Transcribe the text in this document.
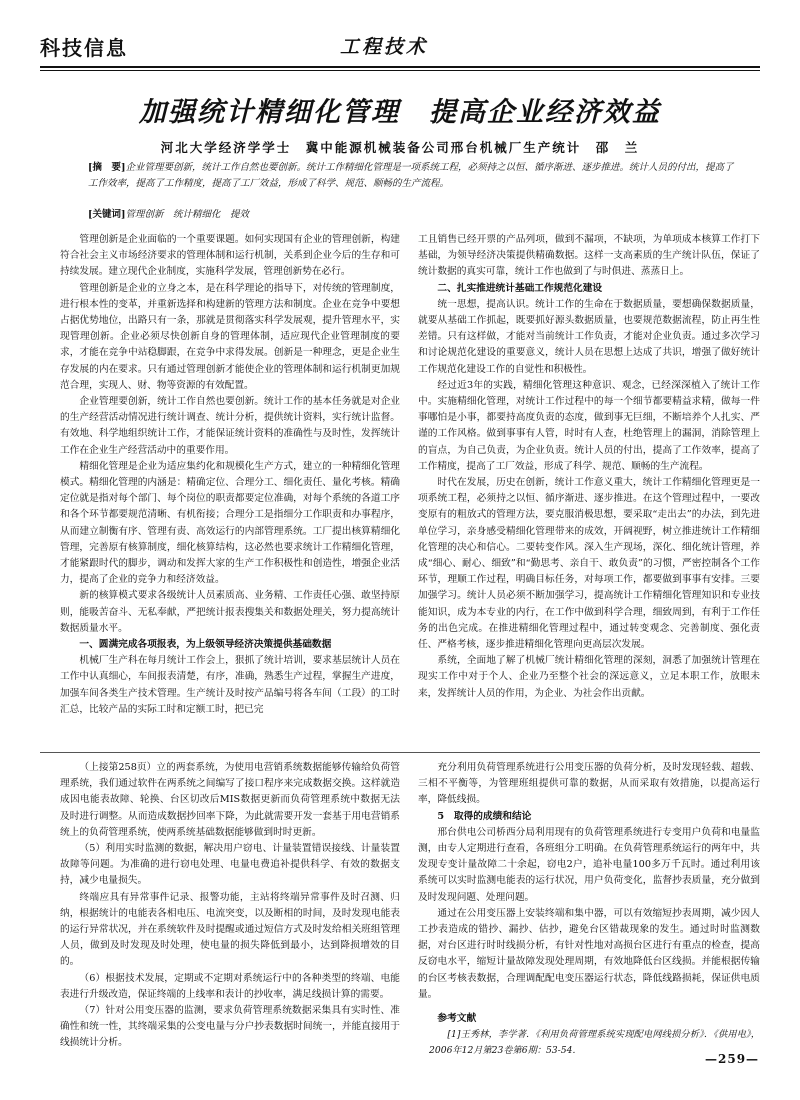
科技信息	工程技术
加强统计精细化管理　提高企业经济效益
河北大学经济学学士　冀中能源机械装备公司邢台机械厂生产统计　邵　兰
[摘　要]企业管理要创新，统计工作自然也要创新。统计工作精细化管理是一项系统工程，必须持之以恒、循序渐进、逐步推进。统计人员的付出，提高了工作效率，提高了工作精度，提高了工厂效益，形成了科学、规范、顺畅的生产流程。
[关键词]管理创新　统计精细化　提效

管理创新是企业面临的一个重要课题。如何实现国有企业的管理创新，构建符合社会主义市场经济要求的管理体制和运行机制，关系到企业今后的生存和可持续发展。建立现代企业制度，实施科学发展，管理创新势在必行。

管理创新是企业的立身之本，是在科学理论的指导下，对传统的管理制度，进行根本性的变革，并重新选择和构建新的管理方法和制度。企业在竞争中要想占据优势地位，出路只有一条，那就是贯彻落实科学发展观，提升管理水平，实现管理创新。企业必须尽快创新自身的管理体制，适应现代企业管理制度的要求，才能在竞争中站稳脚跟，在竞争中求得发展。创新是一种理念，更是企业生存发展的内在要求。只有通过管理创新才能使企业的管理体制和运行机制更加规范合理，实现人、财、物等资源的有效配置。

企业管理要创新，统计工作自然也要创新。统计工作的基本任务就是对企业的生产经营活动情况进行统计调查、统计分析，提供统计资料，实行统计监督。有效地、科学地组织统计工作，才能保证统计资料的准确性与及时性，发挥统计工作在企业生产经营活动中的重要作用。

精细化管理是企业为适应集约化和规模化生产方式，建立的一种精细化管理模式。精细化管理的内涵是：精确定位、合理分工、细化责任、量化考核。精确定位就是指对每个部门、每个岗位的职责都要定位准确，对每个系统的各道工序和各个环节都要规范清晰、有机衔接；合理分工是指细分工作职责和办事程序，从而建立制衡有序、管理有责、高效运行的内部管理系统。工厂提出核算精细化管理，完善原有核算制度，细化核算结构，这必然也要求统计工作精细化管理，才能紧跟时代的脚步，调动和发挥大家的生产工作积极性和创造性，增强企业活力，提高了企业的竞争力和经济效益。

新的核算模式要求各级统计人员素质高、业务精、工作责任心强、敢坚持原则，能吸苦奋斗、无私奉献，严把统计报表搜集关和数据处理关，努力提高统计数据质量水平。

一、圆满完成各项报表，为上级领导经济决策提供基础数据

机械厂生产科在每月统计工作会上，狠抓了统计培训，要求基层统计人员在工作中认真细心，车间报表清楚，有序，准确，熟悉生产过程，掌握生产进度，加强车间各类生产技术管理。生产统计及时按产品编号将各车间（工段）的工时汇总，比较产品的实际工时和定额工时，把已完

工且销售已经开票的产品列项，做到不漏项，不缺项，为单项成本核算工作打下基础，为领导经济决策提供精确数据。这样一支高素质的生产统计队伍，保证了统计数据的真实可靠，统计工作也做到了与时俱进、蒸蒸日上。

二、扎实推进统计基础工作规范化建设

统一思想，提高认识。统计工作的生命在于数据质量，要想确保数据质量，就要从基础工作抓起，既要抓好源头数据质量，也要规范数据流程，防止再生性差错。只有这样做，才能对当前统计工作负责，才能对企业负责。通过多次学习和讨论规范化建设的重要意义，统计人员在思想上达成了共识，增强了做好统计工作规范化建设工作的自觉性和积极性。

经过近3年的实践，精细化管理这种意识、观念，已经深深植入了统计工作中。实施精细化管理，对统计工作过程中的每一个细节都要精益求精，做每一件事哪怕是小事，都要持高度负责的态度，做到事无巨细，不断培养个人扎实、严谨的工作风格。做到事事有人管，时时有人查，杜绝管理上的漏洞，消除管理上的盲点，为自己负责，为企业负责。统计人员的付出，提高了工作效率，提高了工作精度，提高了工厂效益，形成了科学、规范、顺畅的生产流程。

时代在发展，历史在创新，统计工作意义重大，统计工作精细化管理更是一项系统工程，必须持之以恒、循序渐进、逐步推进。在这个管理过程中，一要改变原有的粗放式的管理方法，要克服消极思想，要采取“走出去”的办法，到先进单位学习，亲身感受精细化管理带来的成效，开阔视野，树立推进统计工作精细化管理的决心和信心。二要转变作风。深入生产现场，深化、细化统计管理，养成“细心、耐心、细致”和“勤思考、亲自干、敢负责”的习惯，严密控制各个工作环节，理顺工作过程，明确目标任务，对每项工作，都要做到事事有安排。三要加强学习。统计人员必须不断加强学习，提高统计工作精细化管理知识和专业技能知识，成为本专业的内行，在工作中做到科学合理，细致周到，有利于工作任务的出色完成。在推进精细化管理过程中，通过转变观念、完善制度、强化责任、严格考核，逐步推进精细化管理向更高层次发展。

系统，全面地了解了机械厂统计精细化管理的深刻，洞悉了加强统计管理在现实工作中对于个人、企业乃至整个社会的深远意义，立足本职工作，放眼未来，发挥统计人员的作用，为企业、为社会作出贡献。

（上接第258页）立的两套系统，为使用电营销系统数据能够传输给负荷管理系统，我们通过软件在两系统之间编写了接口程序来完成数据交换。这样就造成因电能表故障、轮换、台区切改后MIS数据更新而负荷管理系统中数据无法及时进行调整。从而造成数据抄回率下降，为此就需要开发一套基于用电营销系统上的负荷管理系统，使两系统基础数据能够做到时时更新。

（5）利用实时监测的数据，解决用户窃电、计量装置错误接线、计量装置故障等问题。为准确的进行窃电处理、电量电费追补提供科学、有效的数据支持，减少电量损失。

终端应具有异常事件记录、报警功能，主站将终端异常事件及时召测、归纳，根据统计的电能表各相电压、电流突变，以及断相的时间，及时发现电能表的运行异常状况，并在系统软件及时提醒或通过短信方式及时发给相关班组管理人员，做到及时发现及时处理，使电量的损失降低到最小，达到降损增效的目的。

（6）根据技术发展，定期或不定期对系统运行中的各种类型的终端、电能表进行升级改造，保证终端的上线率和表计的抄收率，满足线损计算的需要。

（7）针对公用变压器的监测，要求负荷管理系统数据采集具有实时性、准确性和统一性，其终端采集的公变电量与分户抄表数据时间统一，并能直接用于线损统计分析。

充分利用负荷管理系统进行公用变压器的负荷分析，及时发现轻载、超载、三相不平衡等，为管理班组提供可靠的数据，从而采取有效措施，以提高运行率，降低线损。

5　取得的成绩和结论

邢台供电公司桥西分局利用现有的负荷管理系统进行专变用户负荷和电量监测，由专人定期进行查看，各班组分工明确。在负荷管理系统运行的两年中，共发现专变计量故障二十余起，窃电2户，追补电量100多万千瓦时。通过利用该系统可以实时监测电能表的运行状况，用户负荷变化，监督抄表质量，充分做到及时发现问题、处理问题。

通过在公用变压器上安装终端和集中器，可以有效缩短抄表周期，减少因人工抄表造成的错抄、漏抄、估抄，避免台区错裁现象的发生。通过时时监测数据，对台区进行时时线损分析，有针对性地对高损台区进行有重点的检查，提高反窃电水平，缩短计量故障发现处理周期，有效地降低台区线损。并能根据传输的台区考核表数据，合理调配配电变压器运行状态，降低线路损耗，保证供电质量。

参考文献

[1]王秀林，李学著．《利用负荷管理系统实现配电网线损分析》．《供用电》，2006年12月第23卷第6期：53-54.

—259—
